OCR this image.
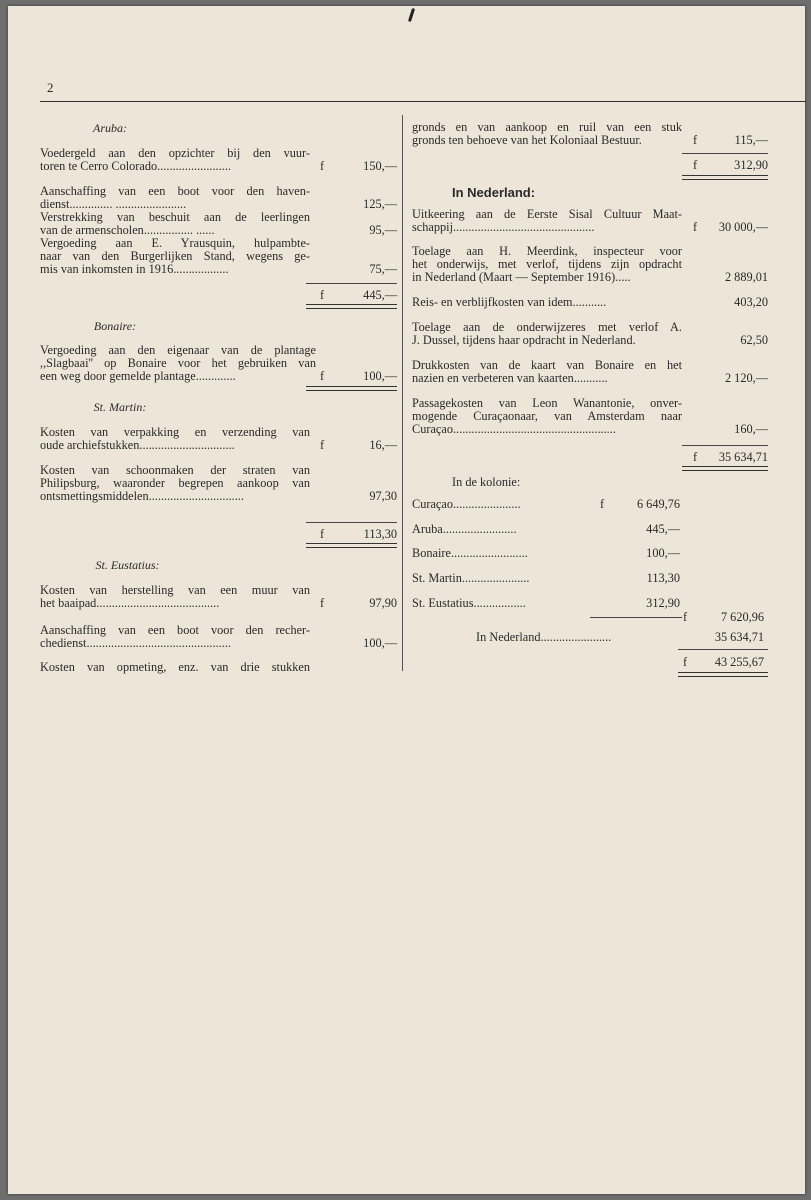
2
Aruba:
Voedergeld aan den opzichter bij den vuur-
toren te Cerro Colorado........................	f	150,—
Aanschaffing van een boot voor den haven-
dienst.............. .......................	125,—
Verstrekking van beschuit aan de leerlingen
van de armenscholen................ ......	95,—
Vergoeding aan E. Yrausquin, hulpambte-
naar van den Burgerlijken Stand, wegens ge-
mis van inkomsten in 1916..................	75,—
f	445,—
Bonaire:
Vergoeding aan den eigenaar van de plantage
,,Slagbaai'' op Bonaire voor het gebruiken van
een weg door gemelde plantage.............	f	100,—
St. Martin:
Kosten van verpakking en verzending van
oude archiefstukken...............................	f	16,—
Kosten van schoonmaken der straten van
Philipsburg, waaronder begrepen aankoop van
ontsmettingsmiddelen...............................	97,30
f	113,30
St. Eustatius:
Kosten van herstelling van een muur van
het baaipad........................................	f	97,90
Aanschaffing van een boot voor den recher-
chedienst...............................................	100,—
Kosten van opmeting, enz. van drie stukken
gronds en van aankoop en ruil van een stuk
gronds ten behoeve van het Koloniaal Bestuur.	f	115,—
f	312,90
In Nederland:
Uitkeering aan de Eerste Sisal Cultuur Maat-
schappij..............................................	f	30 000,—
Toelage aan H. Meerdink, inspecteur voor
het onderwijs, met verlof, tijdens zijn opdracht
in Nederland (Maart — September 1916).....	2 889,01
Reis- en verblijfkosten van idem...........	403,20
Toelage aan de onderwijzeres met verlof A.
J. Dussel, tijdens haar opdracht in Nederland.	62,50
Drukkosten van de kaart van Bonaire en het
nazien en verbeteren van kaarten...........	2 120,—
Passagekosten van Leon Wanantonie, onver-
mogende Curaçaonaar, van Amsterdam naar
Curaçao.....................................................	160,—
f	35 634,71
In de kolonie:
Curaçao......................	f	6 649,76
Aruba........................	445,—
Bonaire.........................	100,—
St. Martin......................	113,30
St. Eustatius.................	312,90
f	7 620,96
In Nederland.......................	35 634,71
f	43 255,67
